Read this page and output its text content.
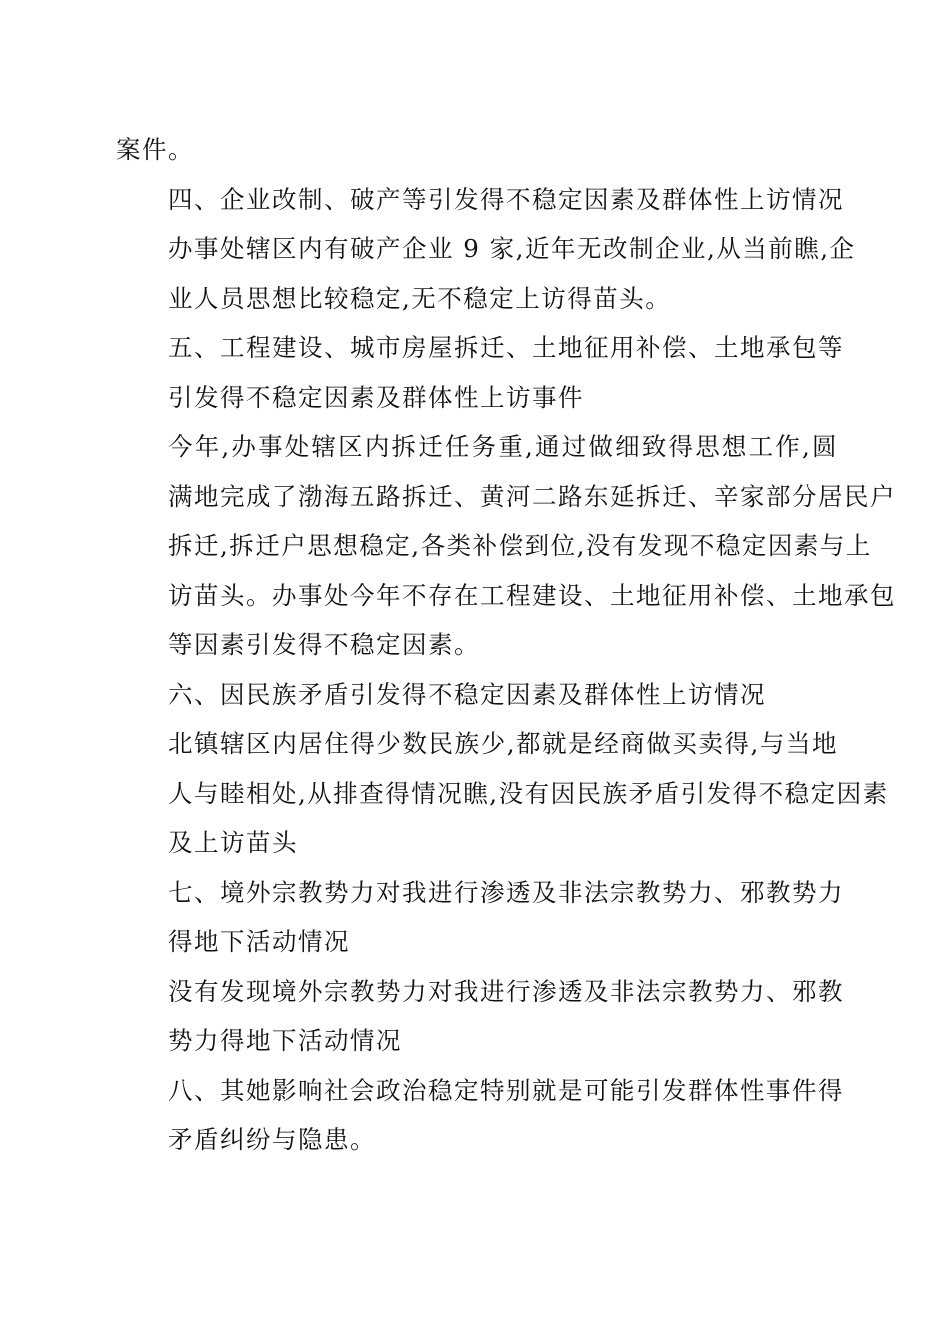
案件。
四、企业改制、破产等引发得不稳定因素及群体性上访情况
办事处辖区内有破产企业 9 家,近年无改制企业,从当前瞧,企
业人员思想比较稳定,无不稳定上访得苗头。
五、工程建设、城市房屋拆迁、土地征用补偿、土地承包等
引发得不稳定因素及群体性上访事件
今年,办事处辖区内拆迁任务重,通过做细致得思想工作,圆
满地完成了渤海五路拆迁、黄河二路东延拆迁、辛家部分居民户
拆迁,拆迁户思想稳定,各类补偿到位,没有发现不稳定因素与上
访苗头。办事处今年不存在工程建设、土地征用补偿、土地承包
等因素引发得不稳定因素。
六、因民族矛盾引发得不稳定因素及群体性上访情况
北镇辖区内居住得少数民族少,都就是经商做买卖得,与当地
人与睦相处,从排查得情况瞧,没有因民族矛盾引发得不稳定因素
及上访苗头
七、境外宗教势力对我进行渗透及非法宗教势力、邪教势力
得地下活动情况
没有发现境外宗教势力对我进行渗透及非法宗教势力、邪教
势力得地下活动情况
八、其她影响社会政治稳定特别就是可能引发群体性事件得
矛盾纠纷与隐患。
